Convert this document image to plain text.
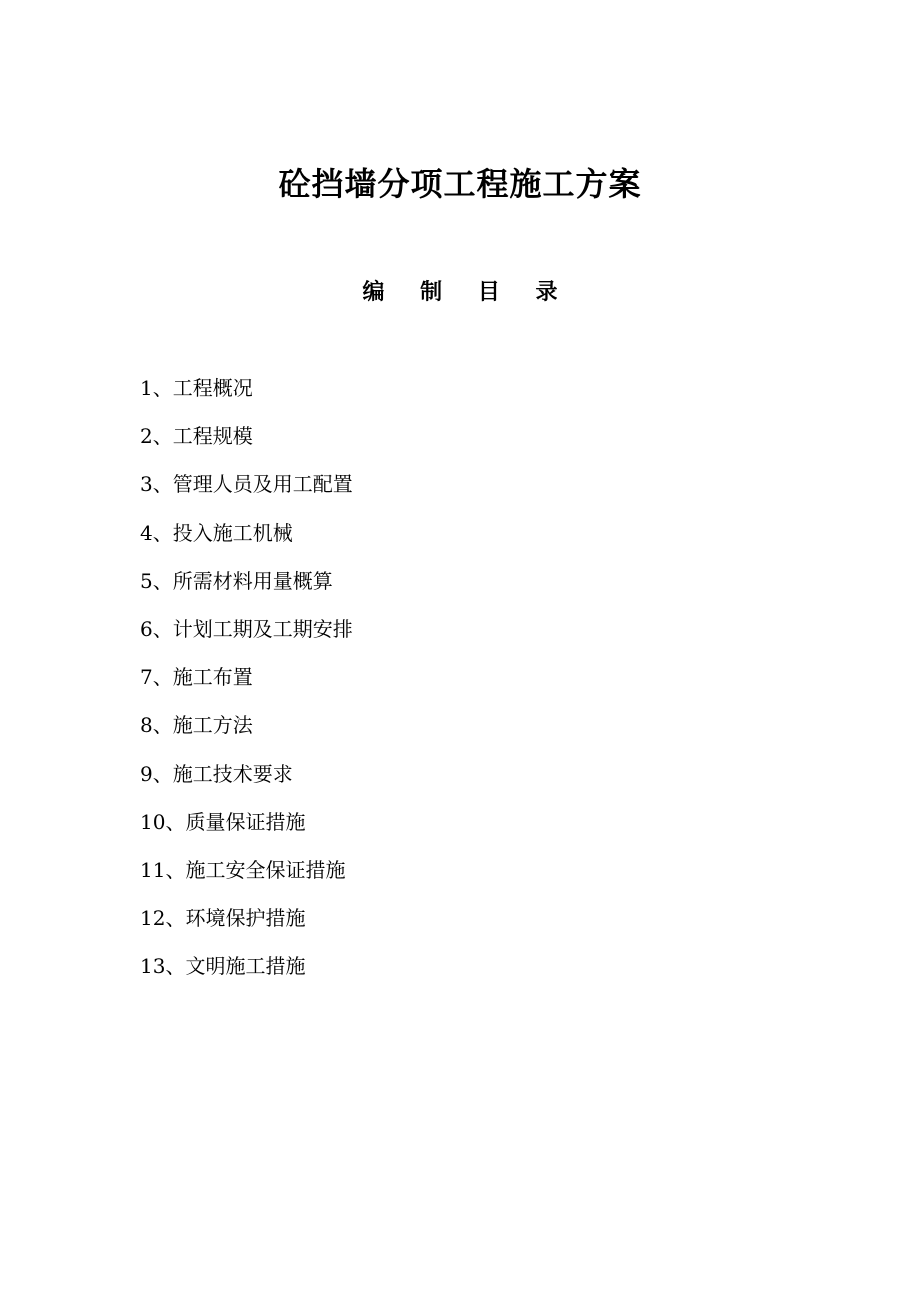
砼挡墙分项工程施工方案
编 制 目 录
1、工程概况
2、工程规模
3、管理人员及用工配置
4、投入施工机械
5、所需材料用量概算
6、计划工期及工期安排
7、施工布置
8、施工方法
9、施工技术要求
10、质量保证措施
11、施工安全保证措施
12、环境保护措施
13、文明施工措施
